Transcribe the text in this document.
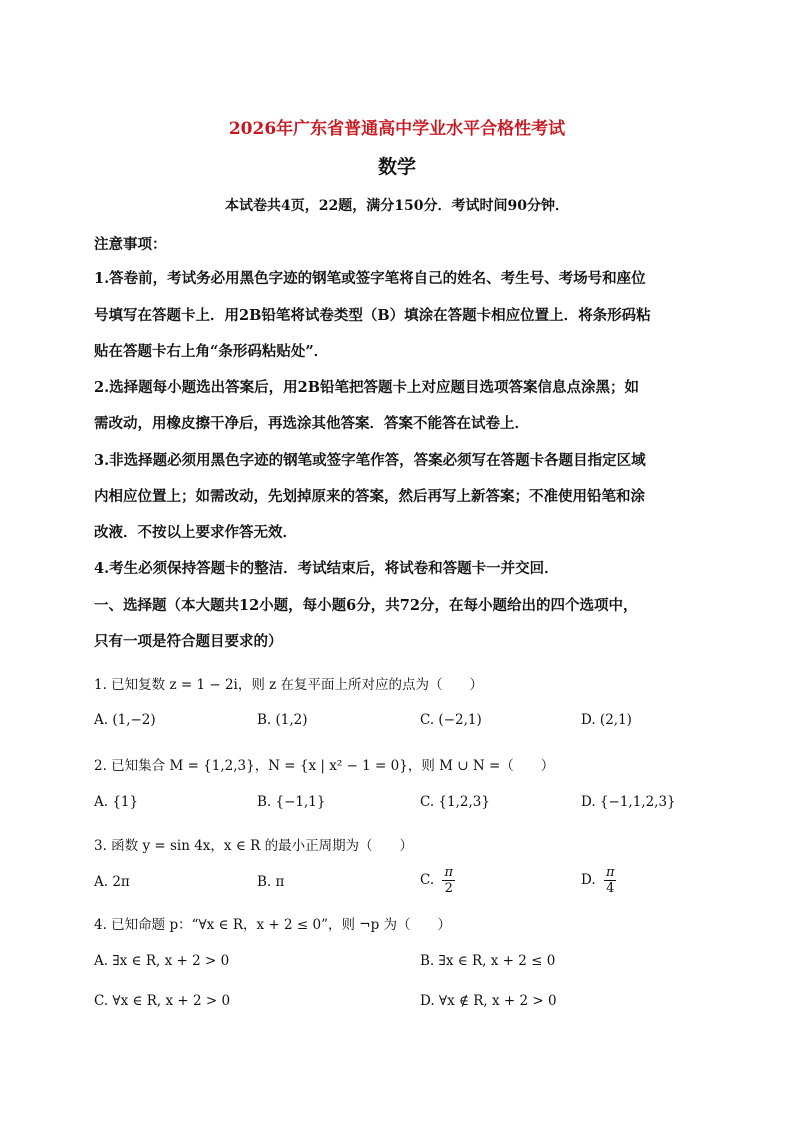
2026年广东省普通高中学业水平合格性考试
数学
本试卷共4页，22题，满分150分．考试时间90分钟．
注意事项：
1.答卷前，考试务必用黑色字迹的钢笔或签字笔将自己的姓名、考生号、考场号和座位
号填写在答题卡上．用2B铅笔将试卷类型（B）填涂在答题卡相应位置上．将条形码粘
贴在答题卡右上角“条形码粘贴处”．
2.选择题每小题选出答案后，用2B铅笔把答题卡上对应题目选项答案信息点涂黑；如
需改动，用橡皮擦干净后，再选涂其他答案．答案不能答在试卷上．
3.非选择题必须用黑色字迹的钢笔或签字笔作答，答案必须写在答题卡各题目指定区域
内相应位置上；如需改动，先划掉原来的答案，然后再写上新答案；不准使用铅笔和涂
改液．不按以上要求作答无效．
4.考生必须保持答题卡的整洁．考试结束后，将试卷和答题卡一并交回．
一、选择题（本大题共12小题，每小题6分，共72分，在每小题给出的四个选项中，
只有一项是符合题目要求的）
1. 已知复数 z = 1 − 2i，则 z 在复平面上所对应的点为（　　）
A. (1,−2)	B. (1,2)	C. (−2,1)	D. (2,1)
2. 已知集合 M = {1,2,3}，N = {x | x² − 1 = 0}，则 M ∪ N =（　　）
A. {1}	B. {−1,1}	C. {1,2,3}	D. {−1,1,2,3}
3. 函数 y = sin 4x，x ∈ R 的最小正周期为（　　）
A. 2π	B. π	C. $\frac{\pi}{2}$	D. $\frac{\pi}{4}$
4. 已知命题 p：“∀x ∈ R，x + 2 ≤ 0”，则 ¬p 为（　　）
A. ∃x ∈ R, x + 2 > 0	B. ∃x ∈ R, x + 2 ≤ 0
C. ∀x ∈ R, x + 2 > 0	D. ∀x ∉ R, x + 2 > 0
